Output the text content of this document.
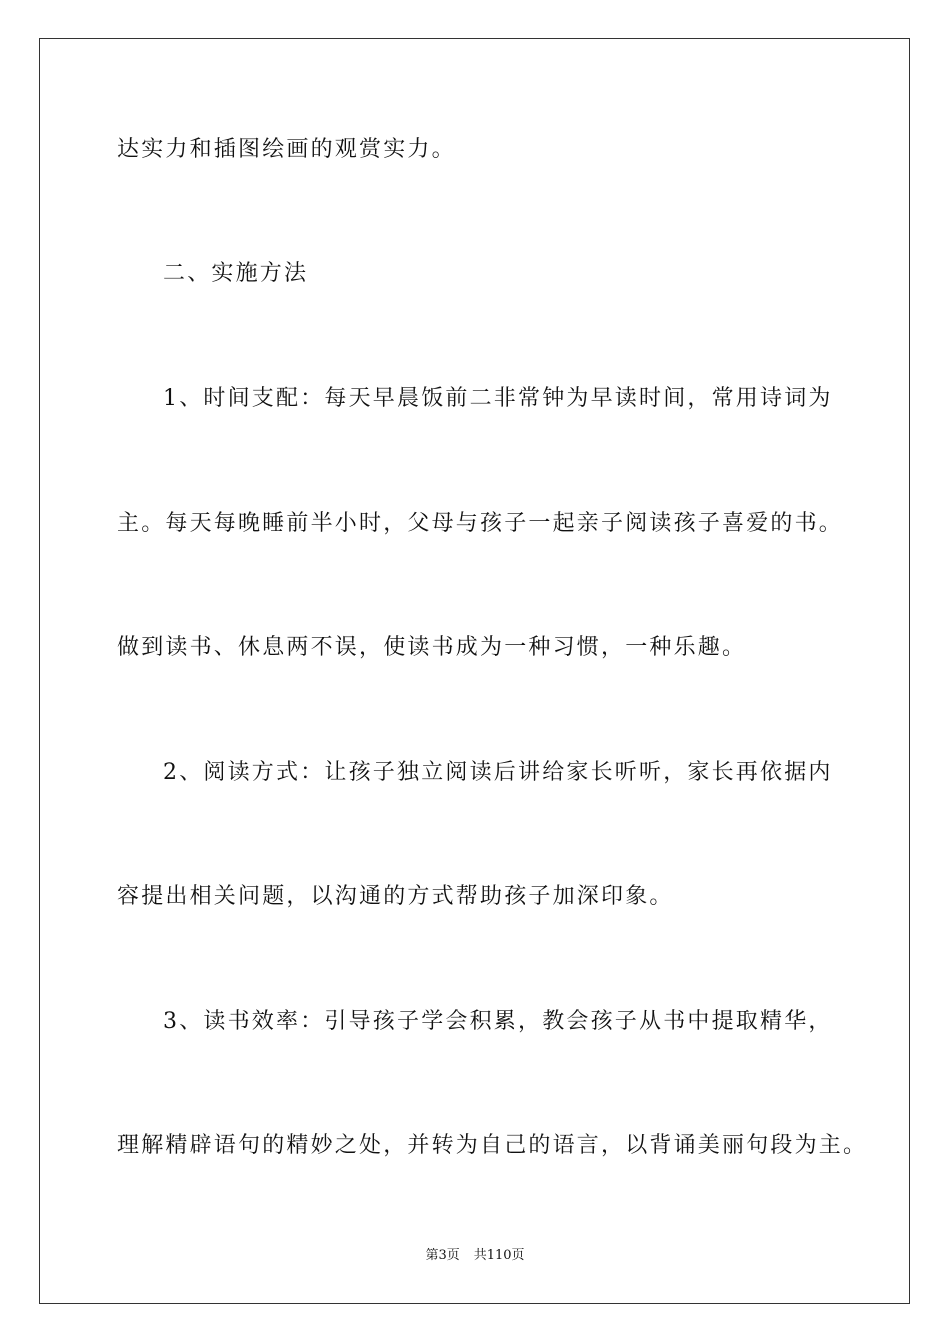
达实力和插图绘画的观赏实力。
二、实施方法
1、时间支配：每天早晨饭前二非常钟为早读时间，常用诗词为
主。每天每晚睡前半小时，父母与孩子一起亲子阅读孩子喜爱的书。
做到读书、休息两不误，使读书成为一种习惯，一种乐趣。
2、阅读方式：让孩子独立阅读后讲给家长听听，家长再依据内
容提出相关问题，以沟通的方式帮助孩子加深印象。
3、读书效率：引导孩子学会积累，教会孩子从书中提取精华，
理解精辟语句的精妙之处，并转为自己的语言，以背诵美丽句段为主。
第3页 共110页
